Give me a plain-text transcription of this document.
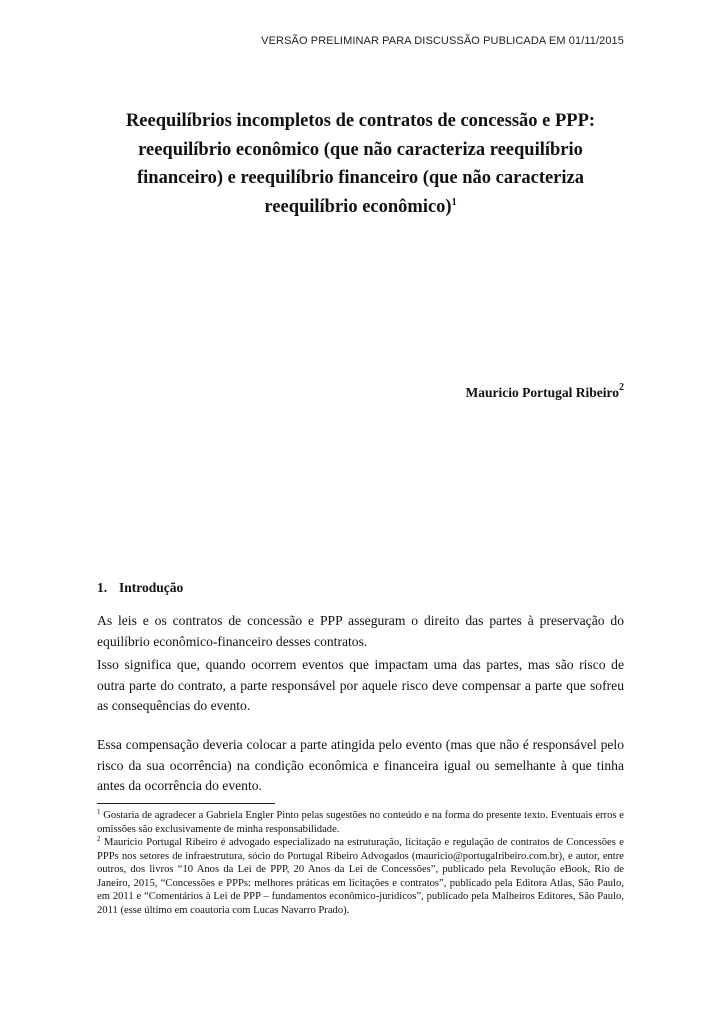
VERSÃO PRELIMINAR PARA DISCUSSÃO PUBLICADA EM 01/11/2015
Reequilíbrios incompletos de contratos de concessão e PPP:
reequilíbrio econômico (que não caracteriza reequilíbrio
financeiro) e reequilíbrio financeiro (que não caracteriza
reequilíbrio econômico)$^1$
Mauricio Portugal Ribeiro$^2$
1. Introdução

As leis e os contratos de concessão e PPP asseguram o direito das partes à preservação do equilíbrio econômico-financeiro desses contratos.

Isso significa que, quando ocorrem eventos que impactam uma das partes, mas são risco de outra parte do contrato, a parte responsável por aquele risco deve compensar a parte que sofreu as consequências do evento.

Essa compensação deveria colocar a parte atingida pelo evento (mas que não é responsável pelo risco da sua ocorrência) na condição econômica e financeira igual ou semelhante à que tinha antes da ocorrência do evento.

$^1$ Gostaria de agradecer a Gabriela Engler Pinto pelas sugestões no conteúdo e na forma do presente texto. Eventuais erros e omissões são exclusivamente de minha responsabilidade.

$^2$ Mauricio Portugal Ribeiro é advogado especializado na estruturação, licitação e regulação de contratos de Concessões e PPPs nos setores de infraestrutura, sócio do Portugal Ribeiro Advogados (mauricio@portugalribeiro.com.br), e autor, entre outros, dos livros “10 Anos da Lei de PPP, 20 Anos da Lei de Concessões”, publicado pela Revolução eBook, Rio de Janeiro, 2015, “Concessões e PPPs: melhores práticas em licitações e contratos”, publicado pela Editora Atlas, São Paulo, em 2011 e “Comentários à Lei de PPP – fundamentos econômico-jurídicos”, publicado pela Malheiros Editores, São Paulo, 2011 (esse último em coautoria com Lucas Navarro Prado).
